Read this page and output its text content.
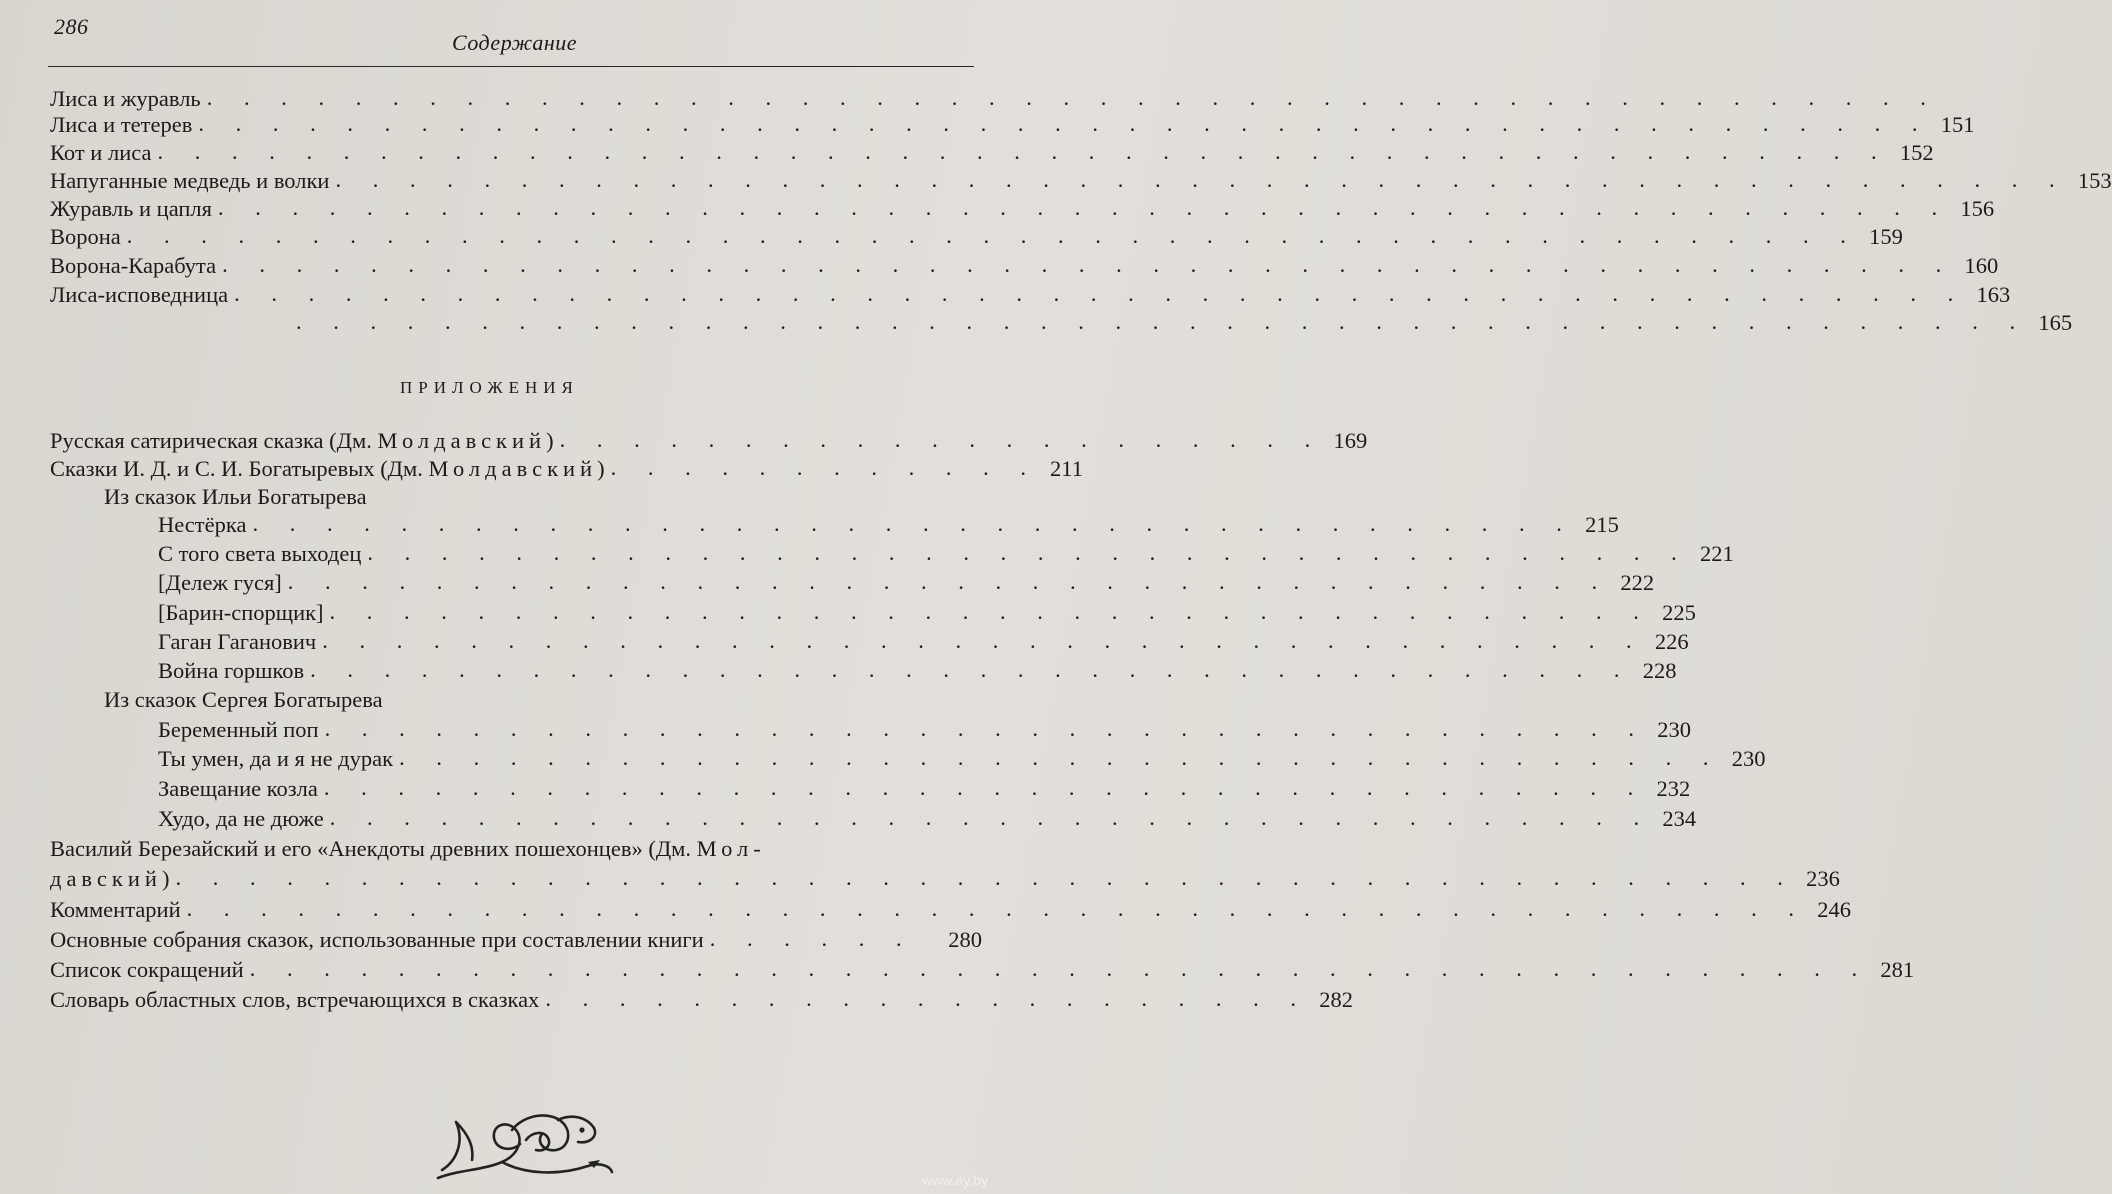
286
Содержание
Лиса и журавль . . . . . . . . . . . . . . . . . . . . . . . . . . . . . . . . . . . . . . . . . . . . . . .
Лиса и тетерев . . . . . . . . . . . . . . . . . . . . . . . . . . . . . . . . . . . . . . . . . . . . . . . 151
Кот и лиса . . . . . . . . . . . . . . . . . . . . . . . . . . . . . . . . . . . . . . . . . . . . . . . 152
Напуганные медведь и волки . . . . . . . . . . . . . . . . . . . . . . . . . . . . . . . . . . . . . . . . . . . . . . . 153
Журавль и цапля . . . . . . . . . . . . . . . . . . . . . . . . . . . . . . . . . . . . . . . . . . . . . . . 156
Ворона . . . . . . . . . . . . . . . . . . . . . . . . . . . . . . . . . . . . . . . . . . . . . . . 159
Ворона-Карабута . . . . . . . . . . . . . . . . . . . . . . . . . . . . . . . . . . . . . . . . . . . . . . . 160
Лиса-исповедница . . . . . . . . . . . . . . . . . . . . . . . . . . . . . . . . . . . . . . . . . . . . . . . 163
. . . . . . . . . . . . . . . . . . . . . . . . . . . . . . . . . . . . . . . . . . . . . . . 165
ПРИЛОЖЕНИЯ
Русская сатирическая сказка (Дм. Молдавский) . . . . . . . . . . . . . . . . . . . . . 169
Сказки И. Д. и С. И. Богатыревых (Дм. Молдавский) . . . . . . . . . . . . 211
Из сказок Ильи Богатырева
Нестёрка . . . . . . . . . . . . . . . . . . . . . . . . . . . . . . . . . . . . 215
С того света выходец . . . . . . . . . . . . . . . . . . . . . . . . . . . . . . . . . . . . 221
[Дележ гуся] . . . . . . . . . . . . . . . . . . . . . . . . . . . . . . . . . . . . 222
[Барин-спорщик] . . . . . . . . . . . . . . . . . . . . . . . . . . . . . . . . . . . . 225
Гаган Гаганович . . . . . . . . . . . . . . . . . . . . . . . . . . . . . . . . . . . . 226
Война горшков . . . . . . . . . . . . . . . . . . . . . . . . . . . . . . . . . . . . 228
Из сказок Сергея Богатырева
Беременный поп . . . . . . . . . . . . . . . . . . . . . . . . . . . . . . . . . . . . 230
Ты умен, да и я не дурак . . . . . . . . . . . . . . . . . . . . . . . . . . . . . . . . . . . . 230
Завещание козла . . . . . . . . . . . . . . . . . . . . . . . . . . . . . . . . . . . . 232
Худо, да не дюже . . . . . . . . . . . . . . . . . . . . . . . . . . . . . . . . . . . . 234
Василий Березайский и его «Анекдоты древних пошехонцев» (Дм. Мол-
давский) . . . . . . . . . . . . . . . . . . . . . . . . . . . . . . . . . . . . . . . . . . . . 236
Комментарий . . . . . . . . . . . . . . . . . . . . . . . . . . . . . . . . . . . . . . . . . . . . 246
Основные собрания сказок, использованные при составлении книги . . . . . .	280
Список сокращений . . . . . . . . . . . . . . . . . . . . . . . . . . . . . . . . . . . . . . . . . . . . 281
Словарь областных слов, встречающихся в сказках . . . . . . . . . . . . . . . . . . . . . 282
www.ay.by
